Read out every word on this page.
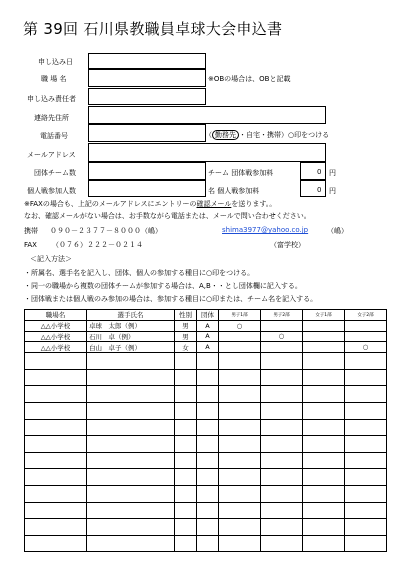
第 39回 石川県教職員卓球大会申込書
申し込み日
職 場 名	※OBの場合は、OBと記載
申し込み責任者
連絡先住所
電話番号	（ 勤務先 ・自宅・携帯）○印をつける
メールアドレス
団体チーム数	チーム 団体戦参加料	0 円
個人戦参加人数	名 個人戦参加料	0 円
※FAXの場合も、上記のメールアドレスにエントリーの確認メールを送ります。。
なお、確認メールがない場合は、お手数ながら電話または、メールで問い合わせください。
携帯 ０９０－２３７７－８０００（嶋）	shima3977@yahoo.co.jp	（嶋）
FAX （０７６）２２２－０２１４	（富学校）
＜記入方法＞
・所属名、選手名を記入し、団体、個人の参加する種目に○印をつける。
・同一の職場から複数の団体チームが参加する場合は、A,B・・とし団体欄に記入する。
・団体戦または個人戦のみ参加の場合は、参加する種目に○印または、チーム名を記入する。
職場名	選手氏名	性別	団体	男子1部	男子2部	女子1部	女子2部
△△小学校	卓球　太郎（例）	男	A	○			
△△小学校	石川　卓（例）	男	A		○		
△△小学校	白山　卓子（例）	女	A				○
